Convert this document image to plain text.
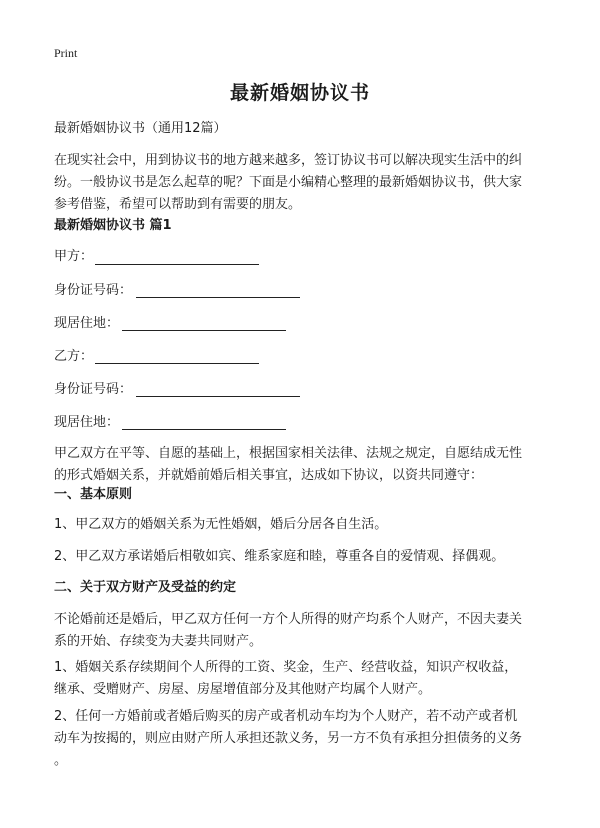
Print
最新婚姻协议书
最新婚姻协议书（通用12篇）
在现实社会中，用到协议书的地方越来越多，签订协议书可以解决现实生活中的纠
纷。一般协议书是怎么起草的呢？下面是小编精心整理的最新婚姻协议书，供大家
参考借鉴，希望可以帮助到有需要的朋友。
最新婚姻协议书 篇1
甲方：
身份证号码：
现居住地：
乙方：
身份证号码：
现居住地：
甲乙双方在平等、自愿的基础上，根据国家相关法律、法规之规定，自愿结成无性
的形式婚姻关系，并就婚前婚后相关事宜，达成如下协议，以资共同遵守：
一、基本原则
1、甲乙双方的婚姻关系为无性婚姻，婚后分居各自生活。
2、甲乙双方承诺婚后相敬如宾、维系家庭和睦，尊重各自的爱情观、择偶观。
二、关于双方财产及受益的约定
不论婚前还是婚后，甲乙双方任何一方个人所得的财产均系个人财产，不因夫妻关
系的开始、存续变为夫妻共同财产。
1、婚姻关系存续期间个人所得的工资、奖金，生产、经营收益，知识产权收益，
继承、受赠财产、房屋、房屋增值部分及其他财产均属个人财产。
2、任何一方婚前或者婚后购买的房产或者机动车均为个人财产，若不动产或者机
动车为按揭的，则应由财产所人承担还款义务，另一方不负有承担分担债务的义务
。
